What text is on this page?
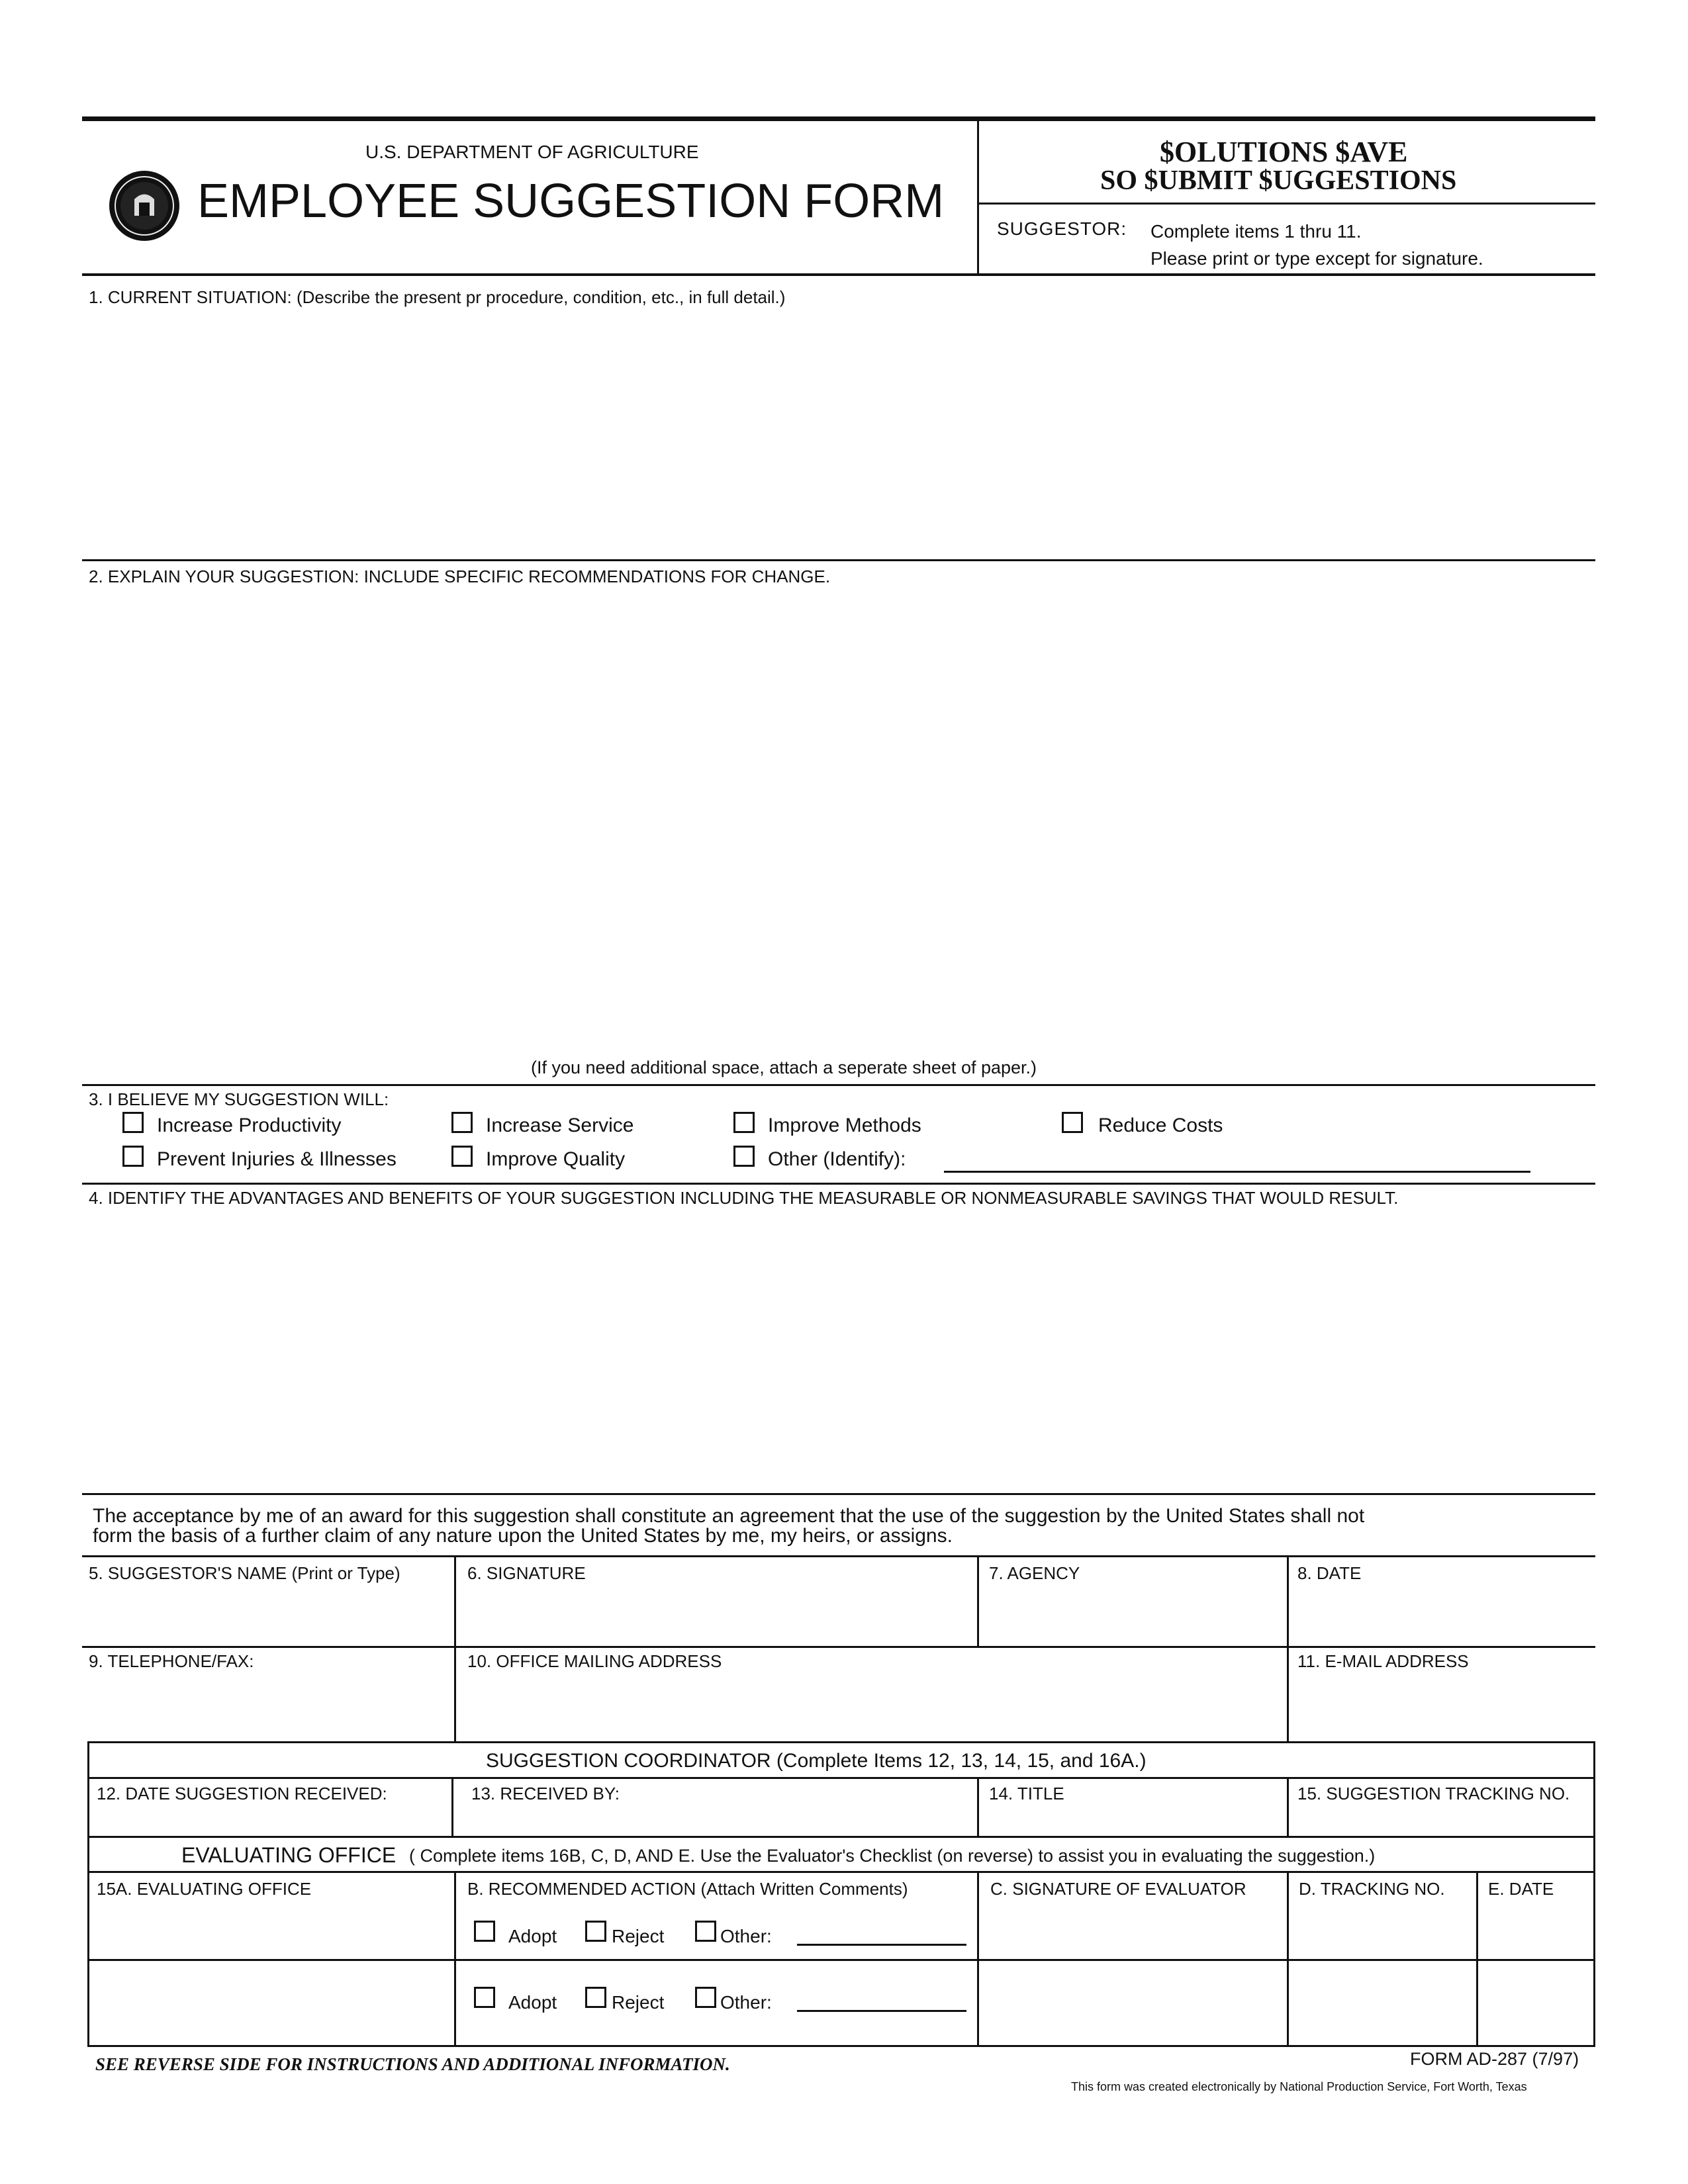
U.S. DEPARTMENT OF AGRICULTURE
EMPLOYEE SUGGESTION FORM
$OLUTIONS $AVE
SO $UBMIT $UGGESTIONS
SUGGESTOR: Complete items 1 thru 11.
Please print or type except for signature.
1. CURRENT SITUATION: (Describe the present pr procedure, condition, etc., in full detail.)
2. EXPLAIN YOUR SUGGESTION: INCLUDE SPECIFIC RECOMMENDATIONS FOR CHANGE.
(If you need additional space, attach a seperate sheet of paper.)
3. I BELIEVE MY SUGGESTION WILL:
Increase Productivity	Increase Service	Improve Methods	Reduce Costs
Prevent Injuries & Illnesses	Improve Quality	Other (Identify):
4. IDENTIFY THE ADVANTAGES AND BENEFITS OF YOUR SUGGESTION INCLUDING THE MEASURABLE OR NONMEASURABLE SAVINGS THAT WOULD RESULT.
The acceptance by me of an award for this suggestion shall constitute an agreement that the use of the suggestion by the United States shall not
form the basis of a further claim of any nature upon the United States by me, my heirs, or assigns.
5. SUGGESTOR'S NAME (Print or Type)	6. SIGNATURE	7. AGENCY	8. DATE
9. TELEPHONE/FAX:	10. OFFICE MAILING ADDRESS	11. E-MAIL ADDRESS
SUGGESTION COORDINATOR (Complete Items 12, 13, 14, 15, and 16A.)
12. DATE SUGGESTION RECEIVED:	13. RECEIVED BY:	14. TITLE	15. SUGGESTION TRACKING NO.
EVALUATING OFFICE ( Complete items 16B, C, D, AND E. Use the Evaluator's Checklist (on reverse) to assist you in evaluating the suggestion.)
15A. EVALUATING OFFICE	B. RECOMMENDED ACTION (Attach Written Comments)	C. SIGNATURE OF EVALUATOR	D. TRACKING NO.	E. DATE
Adopt	Reject	Other:
Adopt	Reject	Other:
SEE REVERSE SIDE FOR INSTRUCTIONS AND ADDITIONAL INFORMATION.	FORM AD-287 (7/97)
This form was created electronically by National Production Service, Fort Worth, Texas
